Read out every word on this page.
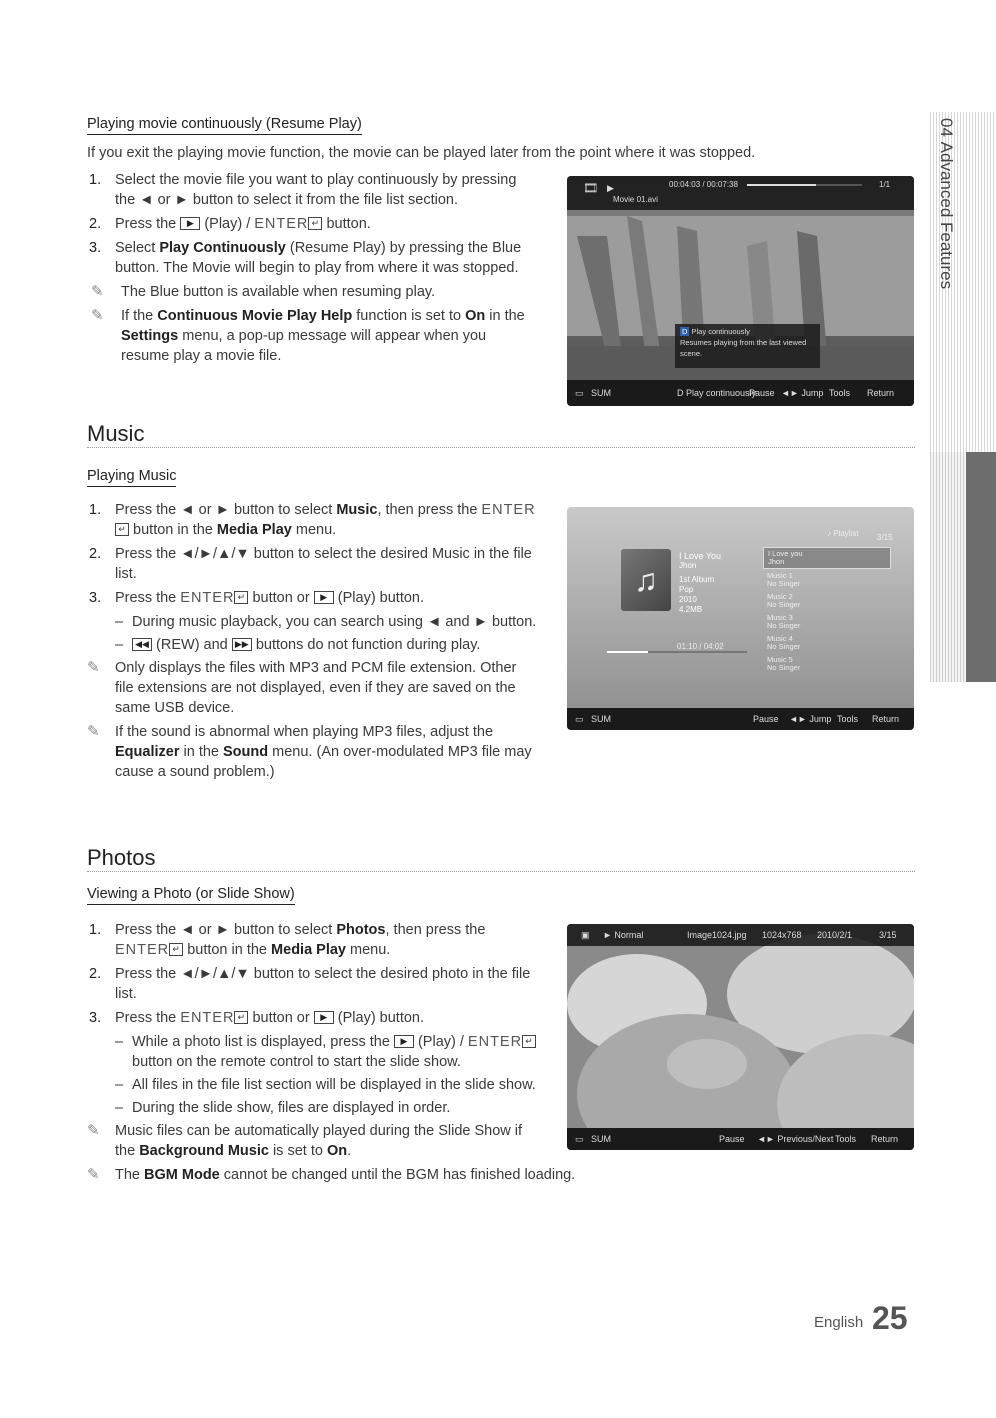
04 Advanced Features
Playing movie continuously (Resume Play)
If you exit the playing movie function, the movie can be played later from the point where it was stopped.
1. Select the movie file you want to play continuously by pressing the ◄ or ► button to select it from the file list section.
2. Press the ▶ (Play) / ENTER ↵ button.
3. Select Play Continuously (Resume Play) by pressing the Blue button. The Movie will begin to play from where it was stopped.
✎ The Blue button is available when resuming play.
✎ If the Continuous Movie Play Help function is set to On in the Settings menu, a pop-up message will appear when you resume play a movie file.
🎞 ▶	00:04:03 / 00:07:38	1/1
Movie 01.avi
D Play continuously
Resumes playing from the last viewed scene.
▭ SUM	D Play continuously
Pause ◄► Jump Tools Return
Music
Playing Music
1. Press the ◄ or ► button to select Music, then press the ENTER↵ button in the Media Play menu.
2. Press the ◄/►/▲/▼ button to select the desired Music in the file list.
3. Press the ENTER ↵ button or ▶ (Play) button.
– During music playback, you can search using ◄ and ► button.
– ◀◀ (REW) and ▶▶ buttons do not function during play.
✎ Only displays the files with MP3 and PCM file extension. Other file extensions are not displayed, even if they are saved on the same USB device.
✎ If the sound is abnormal when playing MP3 files, adjust the Equalizer in the Sound menu. (An over-modulated MP3 file may cause a sound problem.)
♫
♪ Playlist 3/15
I Love You
Jhon
1st Album
Pop
2010
4.2MB
01:10 / 04:02
I Love you
Jhon
Music 1
No Singer
Music 2
No Singer
Music 3
No Singer
Music 4
No Singer
Music 5
No Singer
▭ SUM	Pause ◄► Jump Tools Return
Photos
Viewing a Photo (or Slide Show)
1. Press the ◄ or ► button to select Photos, then press the ENTER ↵ button in the Media Play menu.
2. Press the ◄/►/▲/▼ button to select the desired photo in the file list.
3. Press the ENTER ↵ button or ▶ (Play) button.
– While a photo list is displayed, press the ▶ (Play) / ENTER ↵ button on the remote control to start the slide show.
– All files in the file list section will be displayed in the slide show.
– During the slide show, files are displayed in order.
✎ Music files can be automatically played during the Slide Show if the Background Music is set to On.
✎ The BGM Mode cannot be changed until the BGM has finished loading.
▣ ► Normal	Image1024.jpg 1024x768 2010/2/1	3/15
▭ SUM	Pause ◄► Previous/Next Tools Return
English 25
